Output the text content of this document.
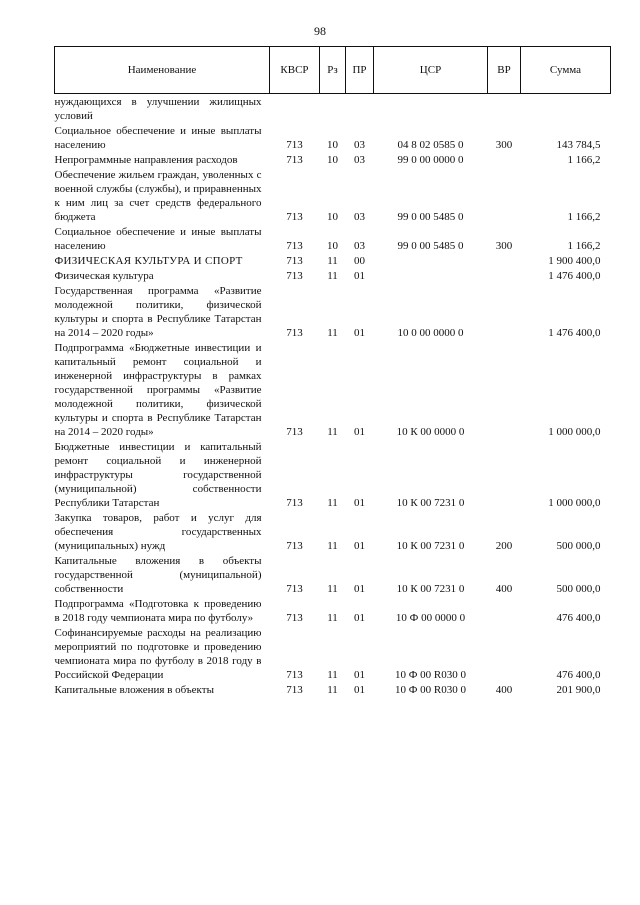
98
Наименование	КВСР	Рз	ПР	ЦСР	ВР	Сумма
нуждающихся в улучшении жилищных условий						
Социальное обеспечение и иные выплаты населению	713	10	03	04 8 02 0585 0	300	143 784,5
Непрограммные направления расходов	713	10	03	99 0 00 0000 0		1 166,2
Обеспечение жильем граждан, уволенных с военной службы (службы), и приравненных к ним лиц за счет средств федерального бюджета	713	10	03	99 0 00 5485 0		1 166,2
Социальное обеспечение и иные выплаты населению	713	10	03	99 0 00 5485 0	300	1 166,2
ФИЗИЧЕСКАЯ КУЛЬТУРА И СПОРТ	713	11	00			1 900 400,0
Физическая культура	713	11	01			1 476 400,0
Государственная программа «Развитие молодежной политики, физической культуры и спорта в Республике Татарстан на 2014 – 2020 годы»	713	11	01	10 0 00 0000 0		1 476 400,0
Подпрограмма «Бюджетные инвестиции и капитальный ремонт социальной и инженерной инфраструктуры в рамках государственной программы «Развитие молодежной политики, физической культуры и спорта в Республике Татарстан на 2014 – 2020 годы»	713	11	01	10 К 00 0000 0		1 000 000,0
Бюджетные инвестиции и капитальный ремонт социальной и инженерной инфраструктуры государственной (муниципальной) собственности Республики Татарстан	713	11	01	10 К 00 7231 0		1 000 000,0
Закупка товаров, работ и услуг для обеспечения государственных (муниципальных) нужд	713	11	01	10 К 00 7231 0	200	500 000,0
Капитальные вложения в объекты государственной (муниципальной) собственности	713	11	01	10 К 00 7231 0	400	500 000,0
Подпрограмма «Подготовка к проведению в 2018 году чемпионата мира по футболу»	713	11	01	10 Ф 00 0000 0		476 400,0
Софинансируемые расходы на реализацию мероприятий по подготовке и проведению чемпионата мира по футболу в 2018 году в Российской Федерации	713	11	01	10 Ф 00 R030 0		476 400,0
Капитальные вложения в объекты	713	11	01	10 Ф 00 R030 0	400	201 900,0
